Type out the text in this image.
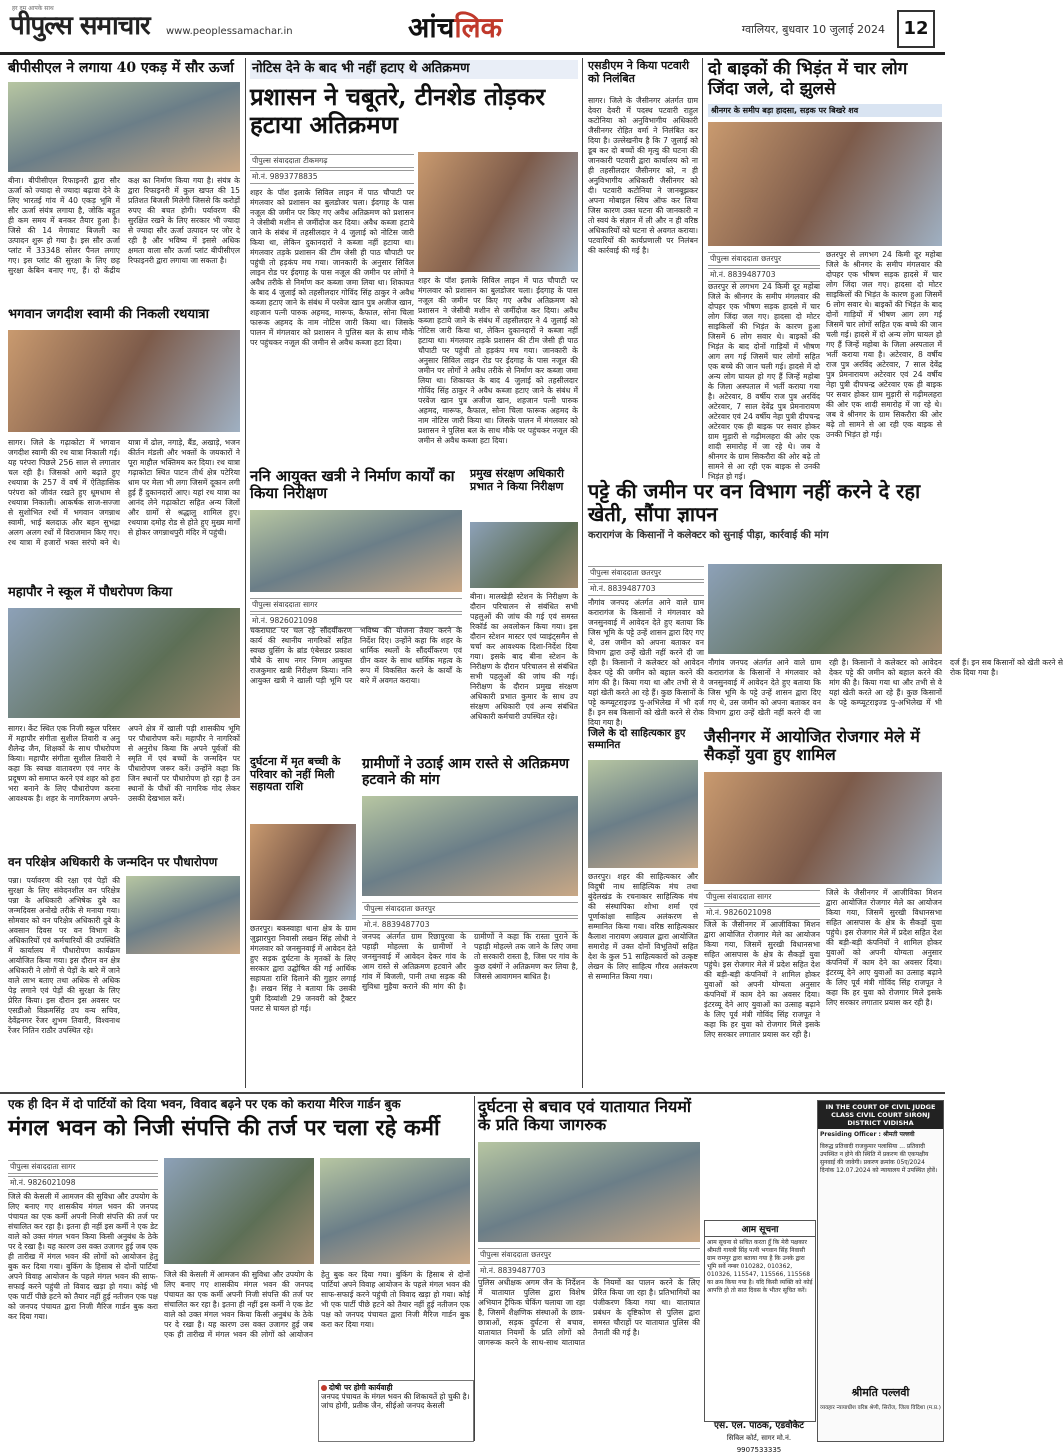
हर दम आपके साथ
पीपुल्स समाचार www.peoplessamachar.in	आंचलिक	ग्वालियर, बुधवार 10 जुलाई 2024	12
बीपीसीएल ने लगाया 40 एकड़ में सौर ऊर्जा
बीना। बीपीसीएल रिफाइनरी द्वारा सौर ऊर्जा को ज्यादा से ज्यादा बढ़ावा देने के लिए भारतई गांव में 40 एकड़ भूमि में सौर ऊर्जा संयंत्र लगाया है, जोकि बहुत ही कम समय में बनकर तैयार हुआ है। जिसे की 14 मेगावाट बिजली का उत्पादन शुरू हो गया है। इस सौर ऊर्जा प्लांट में 33348 सोलर पैनल लगाए गए। इस प्लांट की सुरक्षा के लिए छह सुरक्षा केबिन बनाए गए, हैं। दो केंद्रीय कक्ष का निर्माण किया गया है। संयंत्र के द्वारा रिफाइनरी में कुल खपत की 15 प्रतिशत बिजली मिलेगी जिससे कि करोड़ों रुपए की बचत होगी। पर्यावरण की सुरक्षित रखने के लिए सरकार भी ज्यादा से ज्यादा सौर ऊर्जा उत्पादन पर जोर दे रही है और भविष्य में इससे अधिक क्षमता वाला सौर ऊर्जा प्लांट बीपीसीएल रिफाइनरी द्वारा लगाया जा सकता है।
भगवान जगदीश स्वामी की निकली रथयात्रा
सागर। जिले के गढ़ाकोटा में भगवान जगदीश स्वामी की रथ यात्रा निकाली गई। यह परंपरा पिछले 256 साल से लगातार चल रही है। जिसको आगे बढ़ाते हुए रथयात्रा के 257 वें वर्ष में ऐतिहासिक परंपरा को जीवंत रखते हुए धूमधाम से रथयात्रा निकाली। आकर्षक साज-सज्जा से सुशोभित रथों में भगवान जगन्नाथ स्वामी, भाई बलदाऊ और बहन सुभद्रा अलग अलग रथों में विराजमान किए गए। रथ यात्रा में हजारों भक्त सरंपो बने थे। यात्रा में ढोल, नगाड़े, बैंड, अखाड़े, भजन कीर्तन मंडली और भक्तों के जयकारों ने पूरा माहौल भक्तिमय कर दिया। रथ यात्रा गढ़ाकोटा स्थित पाटन तीर्थ क्षेत्र पटेरिया धाम पर मेला भी लगा जिसमें दूकान लगी हुई हैं दुकानदारों आए। यहां रथ यात्रा का आनंद लेने गढ़ाकोटा सहित अन्य जिलों और ग्रामों से श्रद्धालु शामिल हुए। रथयात्रा दमोह रोड से होते हुए मुख्य मार्गों से होकर जगन्नाथपुरी मंदिर में पहुंची।
महापौर ने स्कूल में पौधरोपण किया
सागर। केंट स्थित एक निजी स्कूल परिसर में महापौर संगीता सुशील तिवारी व अनु शैलेन्द्र जैन, शिक्षकों के साथ पौधरोपण किया। महापौर संगीता सुशील तिवारी ने कहा कि स्वच्छ वातावरण एवं नगर के प्रदूषण को समाप्त करने एवं शहर को हरा भरा बनाने के लिए पौधारोपण करना आवश्यक है। शहर के नागरिकगण अपने-अपने क्षेत्र में खाली पड़ी शासकीय भूमि पर पौधारोपण करें। महापौर ने नागरिकों से अनुरोध किया कि अपने पूर्वजों की स्मृति में एवं बच्चों के जन्मदिन पर पौधारोपण जरूर करें। उन्होंने कहा कि जिन स्थानों पर पौधारोपण हो रहा है उन स्थानों के पौधों की नागरिक गोद लेकर उसकी देखभाल करें।
वन परिक्षेत्र अधिकारी के जन्मदिन पर पौधारोपण
पन्ना। पर्यावरण की रक्षा एवं पेड़ों की सुरक्षा के लिए संवेदनशील वन परिक्षेत्र पन्ना के अधिकारी अभिषेक दुबे का जन्मदिवस अनोखे तरीके से मनाया गया। सोमवार को वन परिक्षेत्र अधिकारी दुबे के अवसान दिवस पर वन विभाग के अधिकारियों एवं कर्मचारियों की उपस्थिति में कार्यालय में पौधारोपण कार्यक्रम आयोजित किया गया। इस दौरान वन क्षेत्र अधिकारी ने लोगों से पेड़ों के बारे में जाने वाले लाभ बताए तथा अधिक से अधिक पेड़ लगाने एवं पेड़ों की सुरक्षा के लिए प्रेरित किया। इस दौरान इस अवसर पर एसडीओ विक्रमसिंह उप वन्य सचिव, देवेंद्रनगर रेंजर शुभम तिवारी, विश्वनाथ रेंजर नितिन राठौर उपस्थित रहे।
नोटिस देने के बाद भी नहीं हटाए थे अतिक्रमण
प्रशासन ने चबूतरे, टीनशेड तोड़कर हटाया अतिक्रमण
पीपुल्स संवाददाता टीकमगढ़
मो.नं. 9893778835
शहर के पॉश इलाके सिविल लाइन में पाठ चौपाटी पर मंगलवार को प्रशासन का बुलडोजर चला। ईदगाह के पास नजूल की जमीन पर किए गए अवैध अतिक्रमण को प्रशासन ने जेसीबी मशीन से जमींदोज कर दिया। अवैध कब्जा हटाये जाने के संबंध में तहसीलदार ने 4 जुलाई को नोटिस जारी किया था, लेकिन दुकानदारों ने कब्जा नहीं हटाया था। मंगलवार तड़के प्रशासन की टीम जेसी ही पाठ चौपाटी पर पहुंची तो हड़कंप मच गया। जानकारी के अनुसार सिविल लाइन रोड पर ईदगाह के पास नजूल की जमीन पर लोगों ने अवैध तरीके से निर्माण कर कब्जा जमा लिया था। शिकायत के बाद 4 जुलाई को तहसीलदार गोविंद सिंह ठाकुर ने अवैध कब्जा हटाए जाने के संबंध में परवेज खान पुत्र अजीज खान, शहजान पत्नी पारुक अहमद, मारूफ, कैफाल, सोना चिला फारूक अहमद के नाम नोटिस जारी किया था। जिसके पालन में मंगलवार को प्रशासन ने पुलिस बल के साथ मौके पर पहुंचकर नजूल की जमीन से अवैध कब्जा हटा दिया।
शहर के पॉश इलाके सिविल लाइन में पाठ चौपाटी पर मंगलवार को प्रशासन का बुलडोजर चला। ईदगाह के पास नजूल की जमीन पर किए गए अवैध अतिक्रमण को प्रशासन ने जेसीबी मशीन से जमींदोज कर दिया। अवैध कब्जा हटाये जाने के संबंध में तहसीलदार ने 4 जुलाई को नोटिस जारी किया था, लेकिन दुकानदारों ने कब्जा नहीं हटाया था। मंगलवार तड़के प्रशासन की टीम जेसी ही पाठ चौपाटी पर पहुंची तो हड़कंप मच गया। जानकारी के अनुसार सिविल लाइन रोड पर ईदगाह के पास नजूल की जमीन पर लोगों ने अवैध तरीके से निर्माण कर कब्जा जमा लिया था। शिकायत के बाद 4 जुलाई को तहसीलदार गोविंद सिंह ठाकुर ने अवैध कब्जा हटाए जाने के संबंध में परवेज खान पुत्र अजीज खान, शहजान पत्नी पारुक अहमद, मारूफ, कैफाल, सोना चिला फारूक अहमद के नाम नोटिस जारी किया था। जिसके पालन में मंगलवार को प्रशासन ने पुलिस बल के साथ मौके पर पहुंचकर नजूल की जमीन से अवैध कब्जा हटा दिया।
ननि आयुक्त खत्री ने निर्माण कार्यों का किया निरीक्षण
पीपुल्स संवाददाता सागर
मो.नं. 9826021098
चकराघाट पर चल रहे सौंदर्यीकरण कार्य की स्थानीय नागरिकों सहित स्वच्छ ग्रुसिंग के ब्रांड एंबेसडर प्रकाश चौबे के साथ नगर निगम आयुक्त राजकुमार खत्री निरीक्षण किया। ननि आयुक्त खत्री ने खाली पड़ी भूमि पर भविष्य की योजना तैयार करने के निर्देश दिए। उन्होंने कहा कि शहर के धार्मिक स्थलों के सौंदर्यीकरण एवं ग्रीन कवर के साथ धार्मिक महत्व के रूप में विकसित करने के कार्यों के बारे में अवगत कराया।
प्रमुख संरक्षण अधिकारी प्रभात ने किया निरीक्षण
बीना। मालखेड़ी स्टेशन के निरीक्षण के दौरान परिचालन से संबंधित सभी पहलुओं की जांच की गई एवं समस्त रिकॉर्ड का अवलोकन किया गया। इस दौरान स्टेशन मास्टर एवं प्वाइंट्समैन से चर्चा कर आवश्यक दिशा-निर्देश दिया गया। इसके बाद बीना स्टेशन के निरीक्षण के दौरान परिचालन से संबंधित सभी पहलुओं की जांच की गई। निरीक्षण के दौरान प्रमुख संरक्षण अधिकारी प्रभात कुमार के साथ उप संरक्षण अधिकारी एवं अन्य संबंधित अधिकारी कर्मचारी उपस्थित रहे।
दुर्घटना में मृत बच्ची के परिवार को नहीं मिली सहायता राशि
छतरपुर। बकस्वाहा थाना क्षेत्र के ग्राम जुझारपुरा निवासी लखन सिंह लोधी ने मंगलवार को जनसुनवाई में आवेदन देते हुए सड़क दुर्घटना के मृतकों के लिए सरकार द्वारा उद्घोषित की गई आर्थिक सहायता राशि दिलाने की गुहार लगाई है। लखन सिंह ने बताया कि उसकी पुत्री दिव्यांशी 29 जनवरी को ट्रैक्टर पलट से घायल हो गई।
ग्रामीणों ने उठाई आम रास्ते से अतिक्रमण हटवाने की मांग
पीपुल्स संवाददाता छतरपुर
मो.नं. 8839487703
जनपद अंतर्गत ग्राम रिछापुरवा के पहाड़ी मोहल्ला के ग्रामीणों ने जनसुनवाई में आवेदन देकर गांव के आम रास्ते से अतिक्रमण हटवाने और गांव में बिजली, पानी तथा सड़क की सुविधा मुहैया कराने की मांग की है। ग्रामीणों ने कहा कि रास्ता पुराने के पहाड़ी मोहल्ले तक जाने के लिए जमा तो सरकारी रास्ता है, जिस पर गांव के कुछ दबंगों ने अतिक्रमण कर लिया है, जिससे आवागमन बाधित है।
एसडीएम ने किया पटवारी को निलंबित
सागर। जिले के जैसीनगर अंतर्गत ग्राम देवरा देवरी में पदस्थ पटवारी राहुल कटोनिया को अनुविभागीय अधिकारी जैसीनगर रोहित वर्मा ने निलंबित कर दिया है। उल्लेखनीय है कि 7 जुलाई को डूब कर दो बच्चों की मृत्यु की घटना की जानकारी पटवारी द्वारा कार्यालय को ना ही तहसीलदार जैसीनगर को, न ही अनुविभागीय अधिकारी जैसीनगर को दी। पटवारी कटोनिया ने जानबूझकर अपना मोबाइल स्विच ऑफ कर लिया जिस कारण उक्त घटना की जानकारी न तो स्वयं के संज्ञान में ली और न ही वरिष्ठ अधिकारियों को घटना से अवगत कराया। पटवारियों की कार्यप्रणाली पर निलंबन की कार्रवाई की गई है।
दो बाइकों की भिड़ंत में चार लोग जिंदा जले, दो झुलसे
श्रीनगर के समीप बड़ा हादसा, सड़क पर बिखरे शव
पीपुल्स संवाददाता छतरपुर
मो.नं. 8839487703
छतरपुर से लगभग 24 किमी दूर महोबा जिले के श्रीनगर के समीप मंगलवार की दोपहर एक भीषण सड़क हादसे में चार लोग जिंदा जल गए। हादसा दो मोटर साइकिलों की भिड़ंत के कारण हुआ जिसमें 6 लोग सवार थे। बाइकों की भिड़ंत के बाद दोनों गाड़ियों में भीषण आग लग गई जिसमें चार लोगों सहित एक बच्चे की जान चली गई। हादसे में दो अन्य लोग घायल हो गए हैं जिन्हें महोबा के जिला अस्पताल में भर्ती कराया गया है। अटेरवार, 8 वर्षीय राज पुत्र अरविंद अटेरवार, 7 साल देवेंद्र पुत्र प्रेमनारायण अटेरवार एवं 24 वर्षीय नेहा पुत्री दीपचन्द्र अटेरवार एक ही बाइक पर सवार होकर ग्राम मुड़ारी से गढ़ीमलहरा की ओर एक शादी समारोह में जा रहे थे। जब वे श्रीनगर के ग्राम सिकरौरा की ओर बढ़े तो सामने से आ रही एक बाइक से उनकी भिड़ंत हो गई।
छतरपुर से लगभग 24 किमी दूर महोबा जिले के श्रीनगर के समीप मंगलवार की दोपहर एक भीषण सड़क हादसे में चार लोग जिंदा जल गए। हादसा दो मोटर साइकिलों की भिड़ंत के कारण हुआ जिसमें 6 लोग सवार थे। बाइकों की भिड़ंत के बाद दोनों गाड़ियों में भीषण आग लग गई जिसमें चार लोगों सहित एक बच्चे की जान चली गई। हादसे में दो अन्य लोग घायल हो गए हैं जिन्हें महोबा के जिला अस्पताल में भर्ती कराया गया है। अटेरवार, 8 वर्षीय राज पुत्र अरविंद अटेरवार, 7 साल देवेंद्र पुत्र प्रेमनारायण अटेरवार एवं 24 वर्षीय नेहा पुत्री दीपचन्द्र अटेरवार एक ही बाइक पर सवार होकर ग्राम मुड़ारी से गढ़ीमलहरा की ओर एक शादी समारोह में जा रहे थे। जब वे श्रीनगर के ग्राम सिकरौरा की ओर बढ़े तो सामने से आ रही एक बाइक से उनकी भिड़ंत हो गई।
पट्टे की जमीन पर वन विभाग नहीं करने दे रहा खेती, सौंपा ज्ञापन
करारागंज के किसानों ने कलेक्टर को सुनाई पीड़ा, कार्रवाई की मांग
पीपुल्स संवाददाता छतरपुर
मो.नं. 8839487703
नौगांव जनपद अंतर्गत आने वाले ग्राम करारागंज के किसानों ने मंगलवार को जनसुनवाई में आवेदन देते हुए बताया कि जिस भूमि के पट्टे उन्हें शासन द्वारा दिए गए थे, उस जमीन को अपना बताकर वन विभाग द्वारा उन्हें खेती नहीं करने दी जा रही है। किसानों ने कलेक्टर को आवेदन देकर पट्टे की जमीन को बहाल करने की मांग की है। किया गया था और तभी से वे यहां खेती करते आ रहे हैं। कुछ किसानों के पट्टे कम्प्यूटराइज्ड पु-अभिलेख में भी दर्ज हैं। इन सब किसानों को खेती करने से रोक दिया गया है।
नौगांव जनपद अंतर्गत आने वाले ग्राम करारागंज के किसानों ने मंगलवार को जनसुनवाई में आवेदन देते हुए बताया कि जिस भूमि के पट्टे उन्हें शासन द्वारा दिए गए थे, उस जमीन को अपना बताकर वन विभाग द्वारा उन्हें खेती नहीं करने दी जा रही है। किसानों ने कलेक्टर को आवेदन देकर पट्टे की जमीन को बहाल करने की मांग की है। किया गया था और तभी से वे यहां खेती करते आ रहे हैं। कुछ किसानों के पट्टे कम्प्यूटराइज्ड पु-अभिलेख में भी दर्ज हैं। इन सब किसानों को खेती करने से रोक दिया गया है।
जिले के दो साहित्यकार हुए सम्मानित
छतरपुर। शहर की साहित्यकार और विदुषी नाथ साहित्यिक मंच तथा बुंदेलखंड के रचनाकार साहित्यिक मंच की संस्थापिका शोभा शर्मा एवं पूर्णाकांक्षा साहित्य अलंकरण से सम्मानित किया गया। वरिष्ठ साहित्यकार कैलाश नारायण अग्रवाल द्वारा आयोजित समारोह में उक्त दोनों विभूतियों सहित देश के कुल 51 साहित्यकारों को उत्कृष्ट लेखन के लिए साहित्य गौरव अलंकरण से सम्मानित किया गया।
जैसीनगर में आयोजित रोजगार मेले में सैकड़ों युवा हुए शामिल
पीपुल्स संवाददाता सागर
मो.नं. 9826021098
जिले के जैसीनगर में आजीविका मिशन द्वारा आयोजित रोजगार मेले का आयोजन किया गया, जिसमें सुरखी विधानसभा सहित आसपास के क्षेत्र के सैकड़ों युवा पहुंचे। इस रोजगार मेले में प्रदेश सहित देश की बड़ी-बड़ी कंपनियों ने शामिल होकर युवाओं को अपनी योग्यता अनुसार कंपनियों में काम देने का अवसर दिया। इंटरव्यू देने आए युवाओं का उत्साह बढ़ाने के लिए पूर्व मंत्री गोविंद सिंह राजपूत ने कहा कि हर युवा को रोजगार मिले इसके लिए सरकार लगातार प्रयास कर रही है।
जिले के जैसीनगर में आजीविका मिशन द्वारा आयोजित रोजगार मेले का आयोजन किया गया, जिसमें सुरखी विधानसभा सहित आसपास के क्षेत्र के सैकड़ों युवा पहुंचे। इस रोजगार मेले में प्रदेश सहित देश की बड़ी-बड़ी कंपनियों ने शामिल होकर युवाओं को अपनी योग्यता अनुसार कंपनियों में काम देने का अवसर दिया। इंटरव्यू देने आए युवाओं का उत्साह बढ़ाने के लिए पूर्व मंत्री गोविंद सिंह राजपूत ने कहा कि हर युवा को रोजगार मिले इसके लिए सरकार लगातार प्रयास कर रही है।
एक ही दिन में दो पार्टियों को दिया भवन, विवाद बढ़ने पर एक को कराया मैरिज गार्डन बुक
मंगल भवन को निजी संपत्ति की तर्ज पर चला रहे कर्मी
पीपुल्स संवाददाता सागर
मो.नं. 9826021098
जिले की केसली में आमजन की सुविधा और उपयोग के लिए बनाए गए शासकीय मंगल भवन की जनपद पंचायत का एक कर्मी अपनी निजी संपत्ति की तर्ज पर संचालित कर रहा है। इतना ही नहीं इस कर्मी ने एक डेट वाले को उक्त मंगल भवन किया किसी अनुबंध के ठेके पर दे रखा है। यह कारण उस वक्त उजागर हुई जब एक ही तारीख में मंगल भवन की लोगों को आयोजन हेतु बुक कर दिया गया। बुकिंग के हिसाब से दोनों पार्टियां अपने विवाह आयोजन के पहले मंगल भवन की साफ-सफाई करने पहुंची तो विवाद खड़ा हो गया। कोई भी एक पार्टी पीछे हटने को तैयार नहीं हुई नतीजन एक पक्ष को जनपद पंचायत द्वारा निजी मैरिज गार्डन बुक करा कर दिया गया।
जिले की केसली में आमजन की सुविधा और उपयोग के लिए बनाए गए शासकीय मंगल भवन की जनपद पंचायत का एक कर्मी अपनी निजी संपत्ति की तर्ज पर संचालित कर रहा है। इतना ही नहीं इस कर्मी ने एक डेट वाले को उक्त मंगल भवन किया किसी अनुबंध के ठेके पर दे रखा है। यह कारण उस वक्त उजागर हुई जब एक ही तारीख में मंगल भवन की लोगों को आयोजन हेतु बुक कर दिया गया। बुकिंग के हिसाब से दोनों पार्टियां अपने विवाह आयोजन के पहले मंगल भवन की साफ-सफाई करने पहुंची तो विवाद खड़ा हो गया। कोई भी एक पार्टी पीछे हटने को तैयार नहीं हुई नतीजन एक पक्ष को जनपद पंचायत द्वारा निजी मैरिज गार्डन बुक करा कर दिया गया।
दुर्घटना से बचाव एवं यातायात नियमों के प्रति किया जागरुक
पीपुल्स संवाददाता छतरपुर
मो.नं. 8839487703
पुलिस अधीक्षक अगम जैन के निर्देशन में यातायात पुलिस द्वारा विशेष अभियान ट्रैफिक चेकिंग चलाया जा रहा है, जिसमें शैक्षणिक संस्थाओं के छात्र-छात्राओं, सड़क दुर्घटना से बचाव, यातायात नियमों के प्रति लोगों को जागरूक करने के साथ-साथ यातायात के नियमों का पालन करने के लिए प्रेरित किया जा रहा है। प्रतिभागियों का पंजीकरण किया गया था। यातायात प्रबंधन के दृष्टिकोण से पुलिस द्वारा समस्त चौराहों पर यातायात पुलिस की तैनाती की गई है।
दोषी पर होगी कार्यवाही
जनपद पंचायत के मंगल भवन की शिकायतें हो चुकी है। जांच होगी, प्रतीक जैन, सीईओ जनपद केसली
आम सूचना
आम सूचना से सचित करता हूँ कि मेरी पक्षकार श्रीमती गायत्री सिंह पत्नी भगवान सिंह निवासी ग्राम रामपुर द्वारा बताया गया है कि उनके द्वारा भूमि सर्वे नम्बर 010282, 010362, 010326, 115547, 115566, 115568 का क्रय किया गया है। यदि किसी व्यक्ति को कोई आपत्ति हो तो सात दिवस के भीतर सूचित करें।
एस. एल. पाठक, एडवोकेट
सिविल कोर्ट, सागर मो.नं. 9907533335
IN THE COURT OF CIVIL JUDGE CLASS CIVIL COURT SIRONJ DISTRICT VIDISHA
Presiding Officer : श्रीमती पल्लवी
विरुद्ध प्रतिवादी राजकुमार पलासिया ... प्रतिवादी उपस्थित न होने की स्थिति में प्रकरण की एकपक्षीय सुनवाई की जावेगी। प्रकरण क्रमांक 05ए/2024 दिनांक 12.07.2024 को न्यायालय में उपस्थित होवें।
श्रीमति पल्लवी
व्यवहार न्यायाधीश वरिष्ठ श्रेणी, सिरोंज, जिला विदिशा (म.प्र.)
